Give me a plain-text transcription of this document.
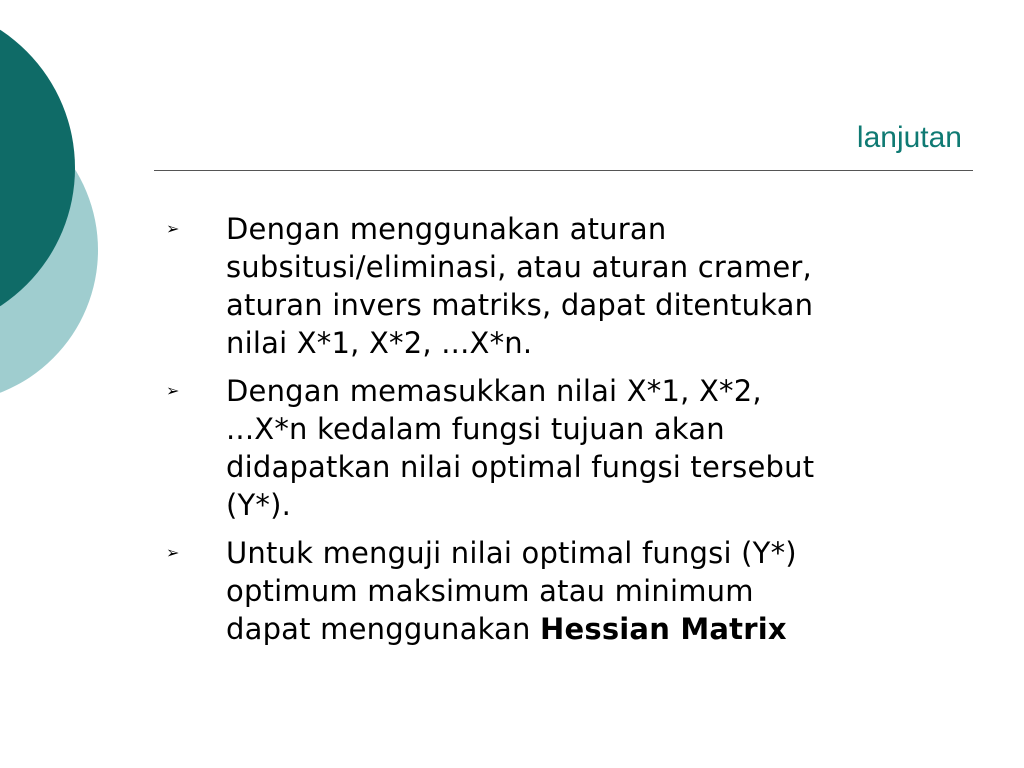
lanjutan
➢	Dengan menggunakan aturan
subsitusi/eliminasi, atau aturan cramer,
aturan invers matriks, dapat ditentukan
nilai X*1, X*2, ...X*n.
➢	Dengan memasukkan nilai X*1, X*2,
...X*n kedalam fungsi tujuan akan
didapatkan nilai optimal fungsi tersebut
(Y*).
➢	Untuk menguji nilai optimal fungsi (Y*)
optimum maksimum atau minimum
dapat menggunakan Hessian Matrix
